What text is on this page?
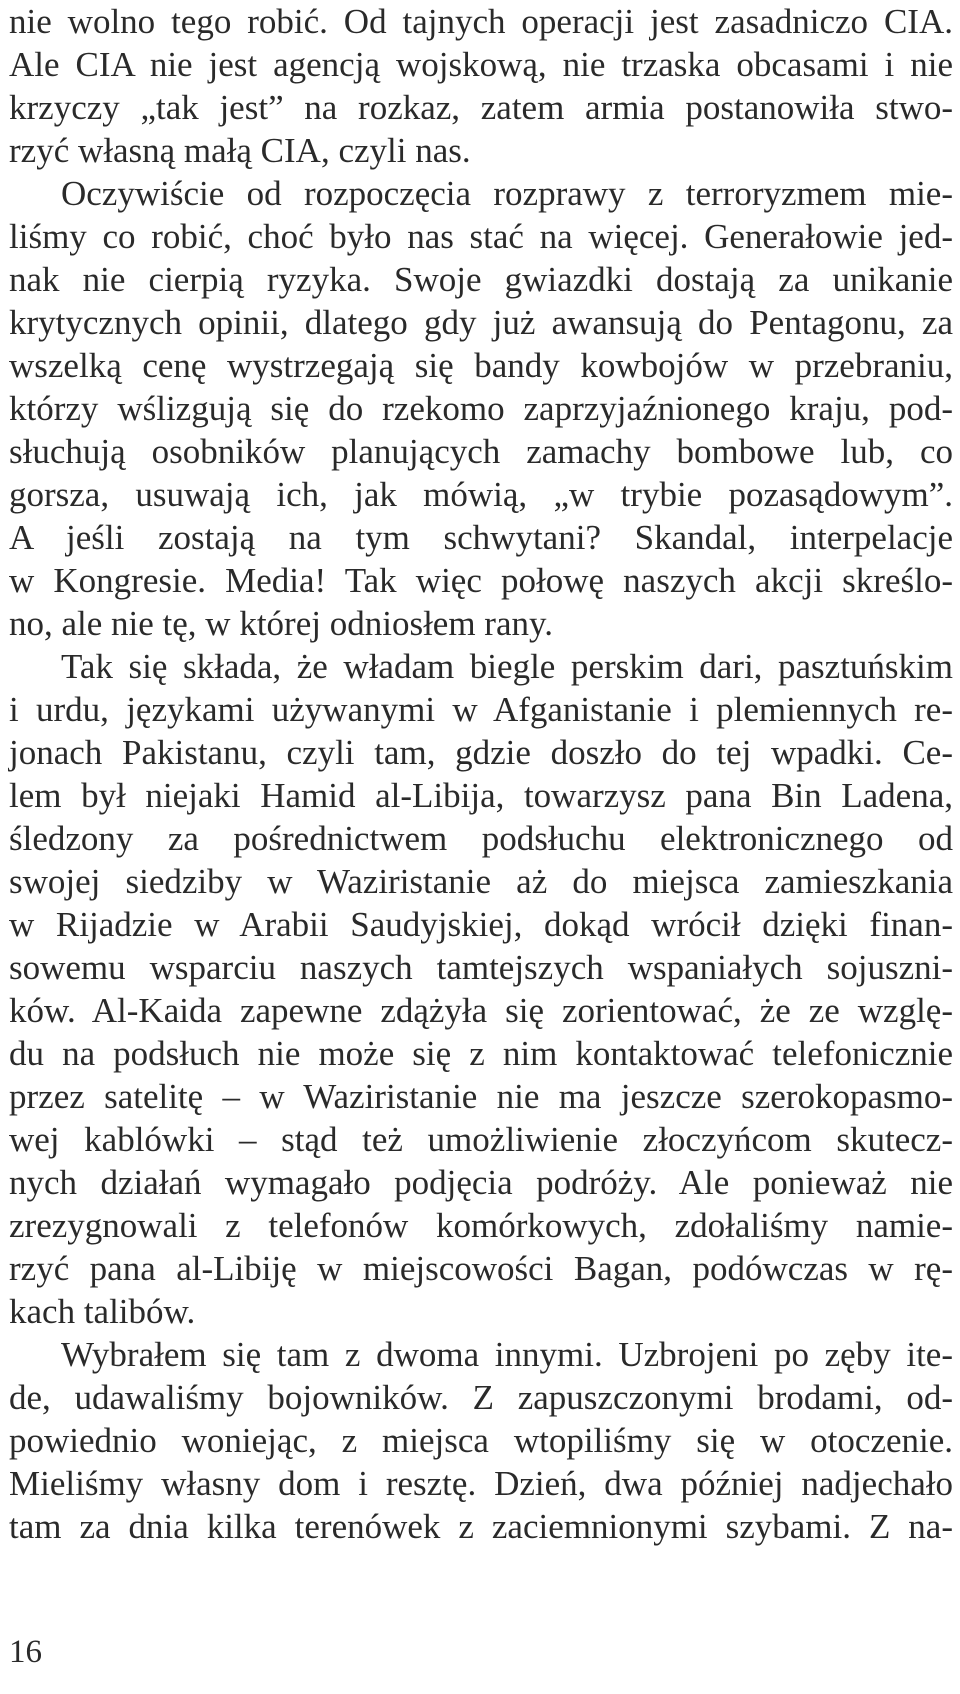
nie wolno tego robić. Od tajnych operacji jest zasadniczo CIA.
Ale CIA nie jest agencją wojskową, nie trzaska obcasami i nie
krzyczy „tak jest” na rozkaz, zatem armia postanowiła stwo-
rzyć własną małą CIA, czyli nas.
Oczywiście od rozpoczęcia rozprawy z terroryzmem mie-
liśmy co robić, choć było nas stać na więcej. Generałowie jed-
nak nie cierpią ryzyka. Swoje gwiazdki dostają za unikanie
krytycznych opinii, dlatego gdy już awansują do Pentagonu, za
wszelką cenę wystrzegają się bandy kowbojów w przebraniu,
którzy wślizgują się do rzekomo zaprzyjaźnionego kraju, pod-
słuchują osobników planujących zamachy bombowe lub, co
gorsza, usuwają ich, jak mówią, „w trybie pozasądowym”.
A jeśli zostają na tym schwytani? Skandal, interpelacje
w Kongresie. Media! Tak więc połowę naszych akcji skreślo-
no, ale nie tę, w której odniosłem rany.
Tak się składa, że władam biegle perskim dari, pasztuńskim
i urdu, językami używanymi w Afganistanie i plemiennych re-
jonach Pakistanu, czyli tam, gdzie doszło do tej wpadki. Ce-
lem był niejaki Hamid al-Libija, towarzysz pana Bin Ladena,
śledzony za pośrednictwem podsłuchu elektronicznego od
swojej siedziby w Waziristanie aż do miejsca zamieszkania
w Rijadzie w Arabii Saudyjskiej, dokąd wrócił dzięki finan-
sowemu wsparciu naszych tamtejszych wspaniałych sojuszni-
ków. Al-Kaida zapewne zdążyła się zorientować, że ze wzglę-
du na podsłuch nie może się z nim kontaktować telefonicznie
przez satelitę – w Waziristanie nie ma jeszcze szerokopasmo-
wej kablówki – stąd też umożliwienie złoczyńcom skutecz-
nych działań wymagało podjęcia podróży. Ale ponieważ nie
zrezygnowali z telefonów komórkowych, zdołaliśmy namie-
rzyć pana al-Libiję w miejscowości Bagan, podówczas w rę-
kach talibów.
Wybrałem się tam z dwoma innymi. Uzbrojeni po zęby ite-
de, udawaliśmy bojowników. Z zapuszczonymi brodami, od-
powiednio woniejąc, z miejsca wtopiliśmy się w otoczenie.
Mieliśmy własny dom i resztę. Dzień, dwa później nadjechało
tam za dnia kilka terenówek z zaciemnionymi szybami. Z na-
16
